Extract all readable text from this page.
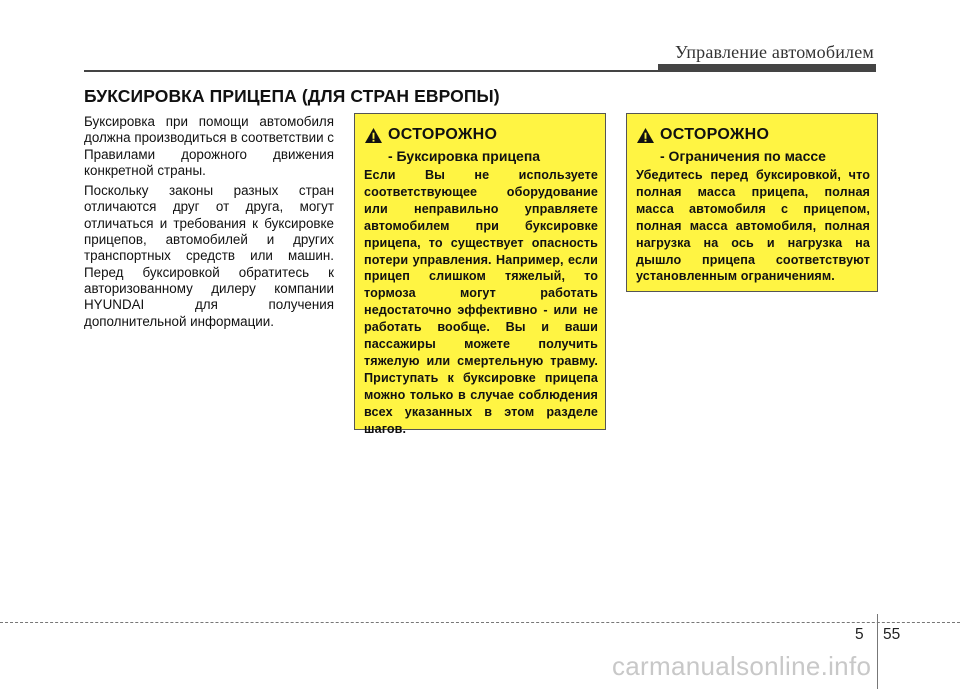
Управление автомобилем
БУКСИРОВКА ПРИЦЕПА (ДЛЯ СТРАН ЕВРОПЫ)

Буксировка при помощи автомобиля должна производиться в соответствии с Правилами дорожного движения конкретной страны.

Поскольку законы разных стран отличаются друг от друга, могут отличаться и требования к буксировке прицепов, автомобилей и других транспортных средств или машин. Перед буксировкой обратитесь к авторизованному дилеру компании HYUNDAI для получения дополнительной информации.

ОСТОРОЖНО
- Буксировка прицепа
Если Вы не используете соответствующее оборудование или неправильно управляете автомобилем при буксировке прицепа, то существует опасность потери управления. Например, если прицеп слишком тяжелый, то тормоза могут работать недостаточно эффективно - или не работать вообще. Вы и ваши пассажиры можете получить тяжелую или смертельную травму. Приступать к буксировке прицепа можно только в случае соблюдения всех указанных в этом разделе шагов.
ОСТОРОЖНО
- Ограничения по массе
Убедитесь перед буксировкой, что полная масса прицепа, полная масса автомобиля с прицепом, полная масса автомобиля, полная нагрузка на ось и нагрузка на дышло прицепа соответствуют установленным ограничениям.
5 55
carmanualsonline.info
